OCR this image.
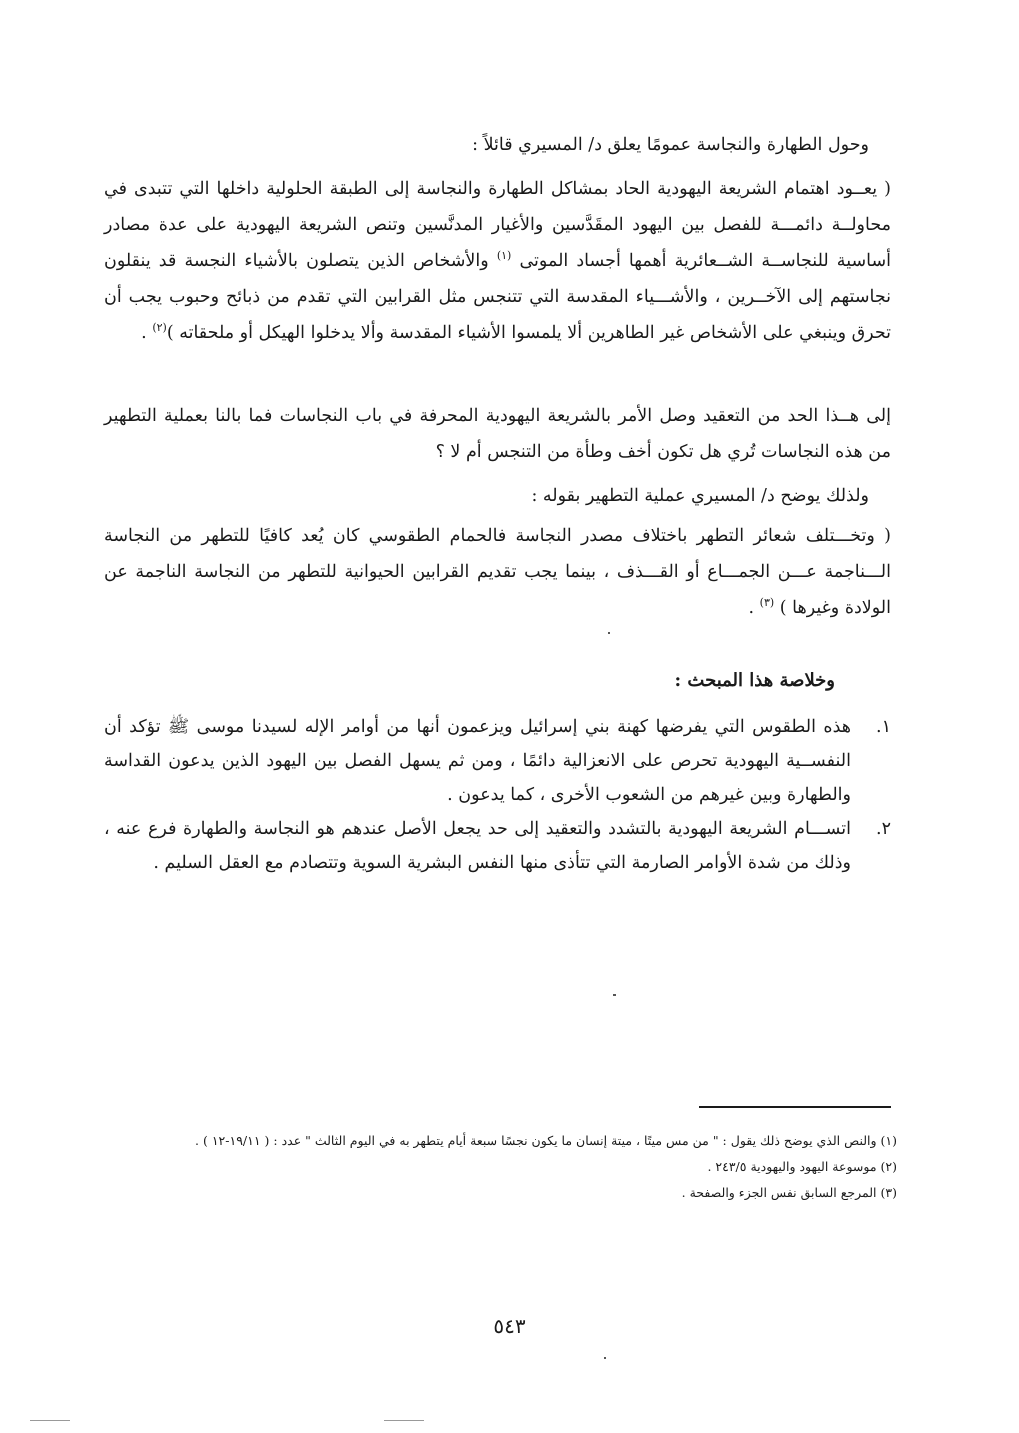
وحول الطهارة والنجاسة عمومًا يعلق د/ المسيري قائلاً :

( يعــود اهتمام الشريعة اليهودية الحاد بمشاكل الطهارة والنجاسة إلى الطبقة الحلولية داخلها التي تتبدى في محاولــة دائمـــة للفصل بين اليهود المقَدَّسين والأغيار المدنَّسين وتنص الشريعة اليهودية على عدة مصادر أساسية للنجاســة الشــعائرية أهمها أجساد الموتى $^{(١)}$ والأشخاص الذين يتصلون بالأشياء النجسة قد ينقلون نجاستهم إلى الآخــرين ، والأشـــياء المقدسة التي تتنجس مثل القرابين التي تقدم من ذبائح وحبوب يجب أن تحرق وينبغي على الأشخاص غير الطاهرين ألا يلمسوا الأشياء المقدسة وألا يدخلوا الهيكل أو ملحقاته )$^{(٢)}$ .

إلى هــذا الحد من التعقيد وصل الأمر بالشريعة اليهودية المحرفة في باب النجاسات فما بالنا بعملية التطهير من هذه النجاسات تُري هل تكون أخف وطأة من التنجس أم لا ؟

ولذلك يوضح د/ المسيري عملية التطهير بقوله :

( وتخـــتلف شعائر التطهر باختلاف مصدر النجاسة فالحمام الطقوسي كان يُعد كافيًا للتطهر من النجاسة الـــناجمة عـــن الجمـــاع أو القـــذف ، بينما يجب تقديم القرابين الحيوانية للتطهر من النجاسة الناجمة عن الولادة وغيرها ) $^{(٣)}$ .

وخلاصة هذا المبحث :
١.
هذه الطقوس التي يفرضها كهنة بني إسرائيل ويزعمون أنها من أوامر الإله لسيدنا موسى ﷺ تؤكد أن النفســية اليهودية تحرص على الانعزالية دائمًا ، ومن ثم يسهل الفصل بين اليهود الذين يدعون القداسة والطهارة وبين غيرهم من الشعوب الأخرى ، كما يدعون .
٢.
اتســـام الشريعة اليهودية بالتشدد والتعقيد إلى حد يجعل الأصل عندهم هو النجاسة والطهارة فرع عنه ، وذلك من شدة الأوامر الصارمة التي تتأذى منها النفس البشرية السوية وتتصادم مع العقل السليم .

(١) والنص الذي يوضح ذلك يقول : " من مس ميتًا ، ميتة إنسان ما يكون نجسًا سبعة أيام يتطهر به في اليوم الثالث " عدد : ( ١٩/١١-١٢ ) .

(٢) موسوعة اليهود واليهودية ٢٤٣/٥ .

(٣) المرجع السابق نفس الجزء والصفحة .

٥٤٣
